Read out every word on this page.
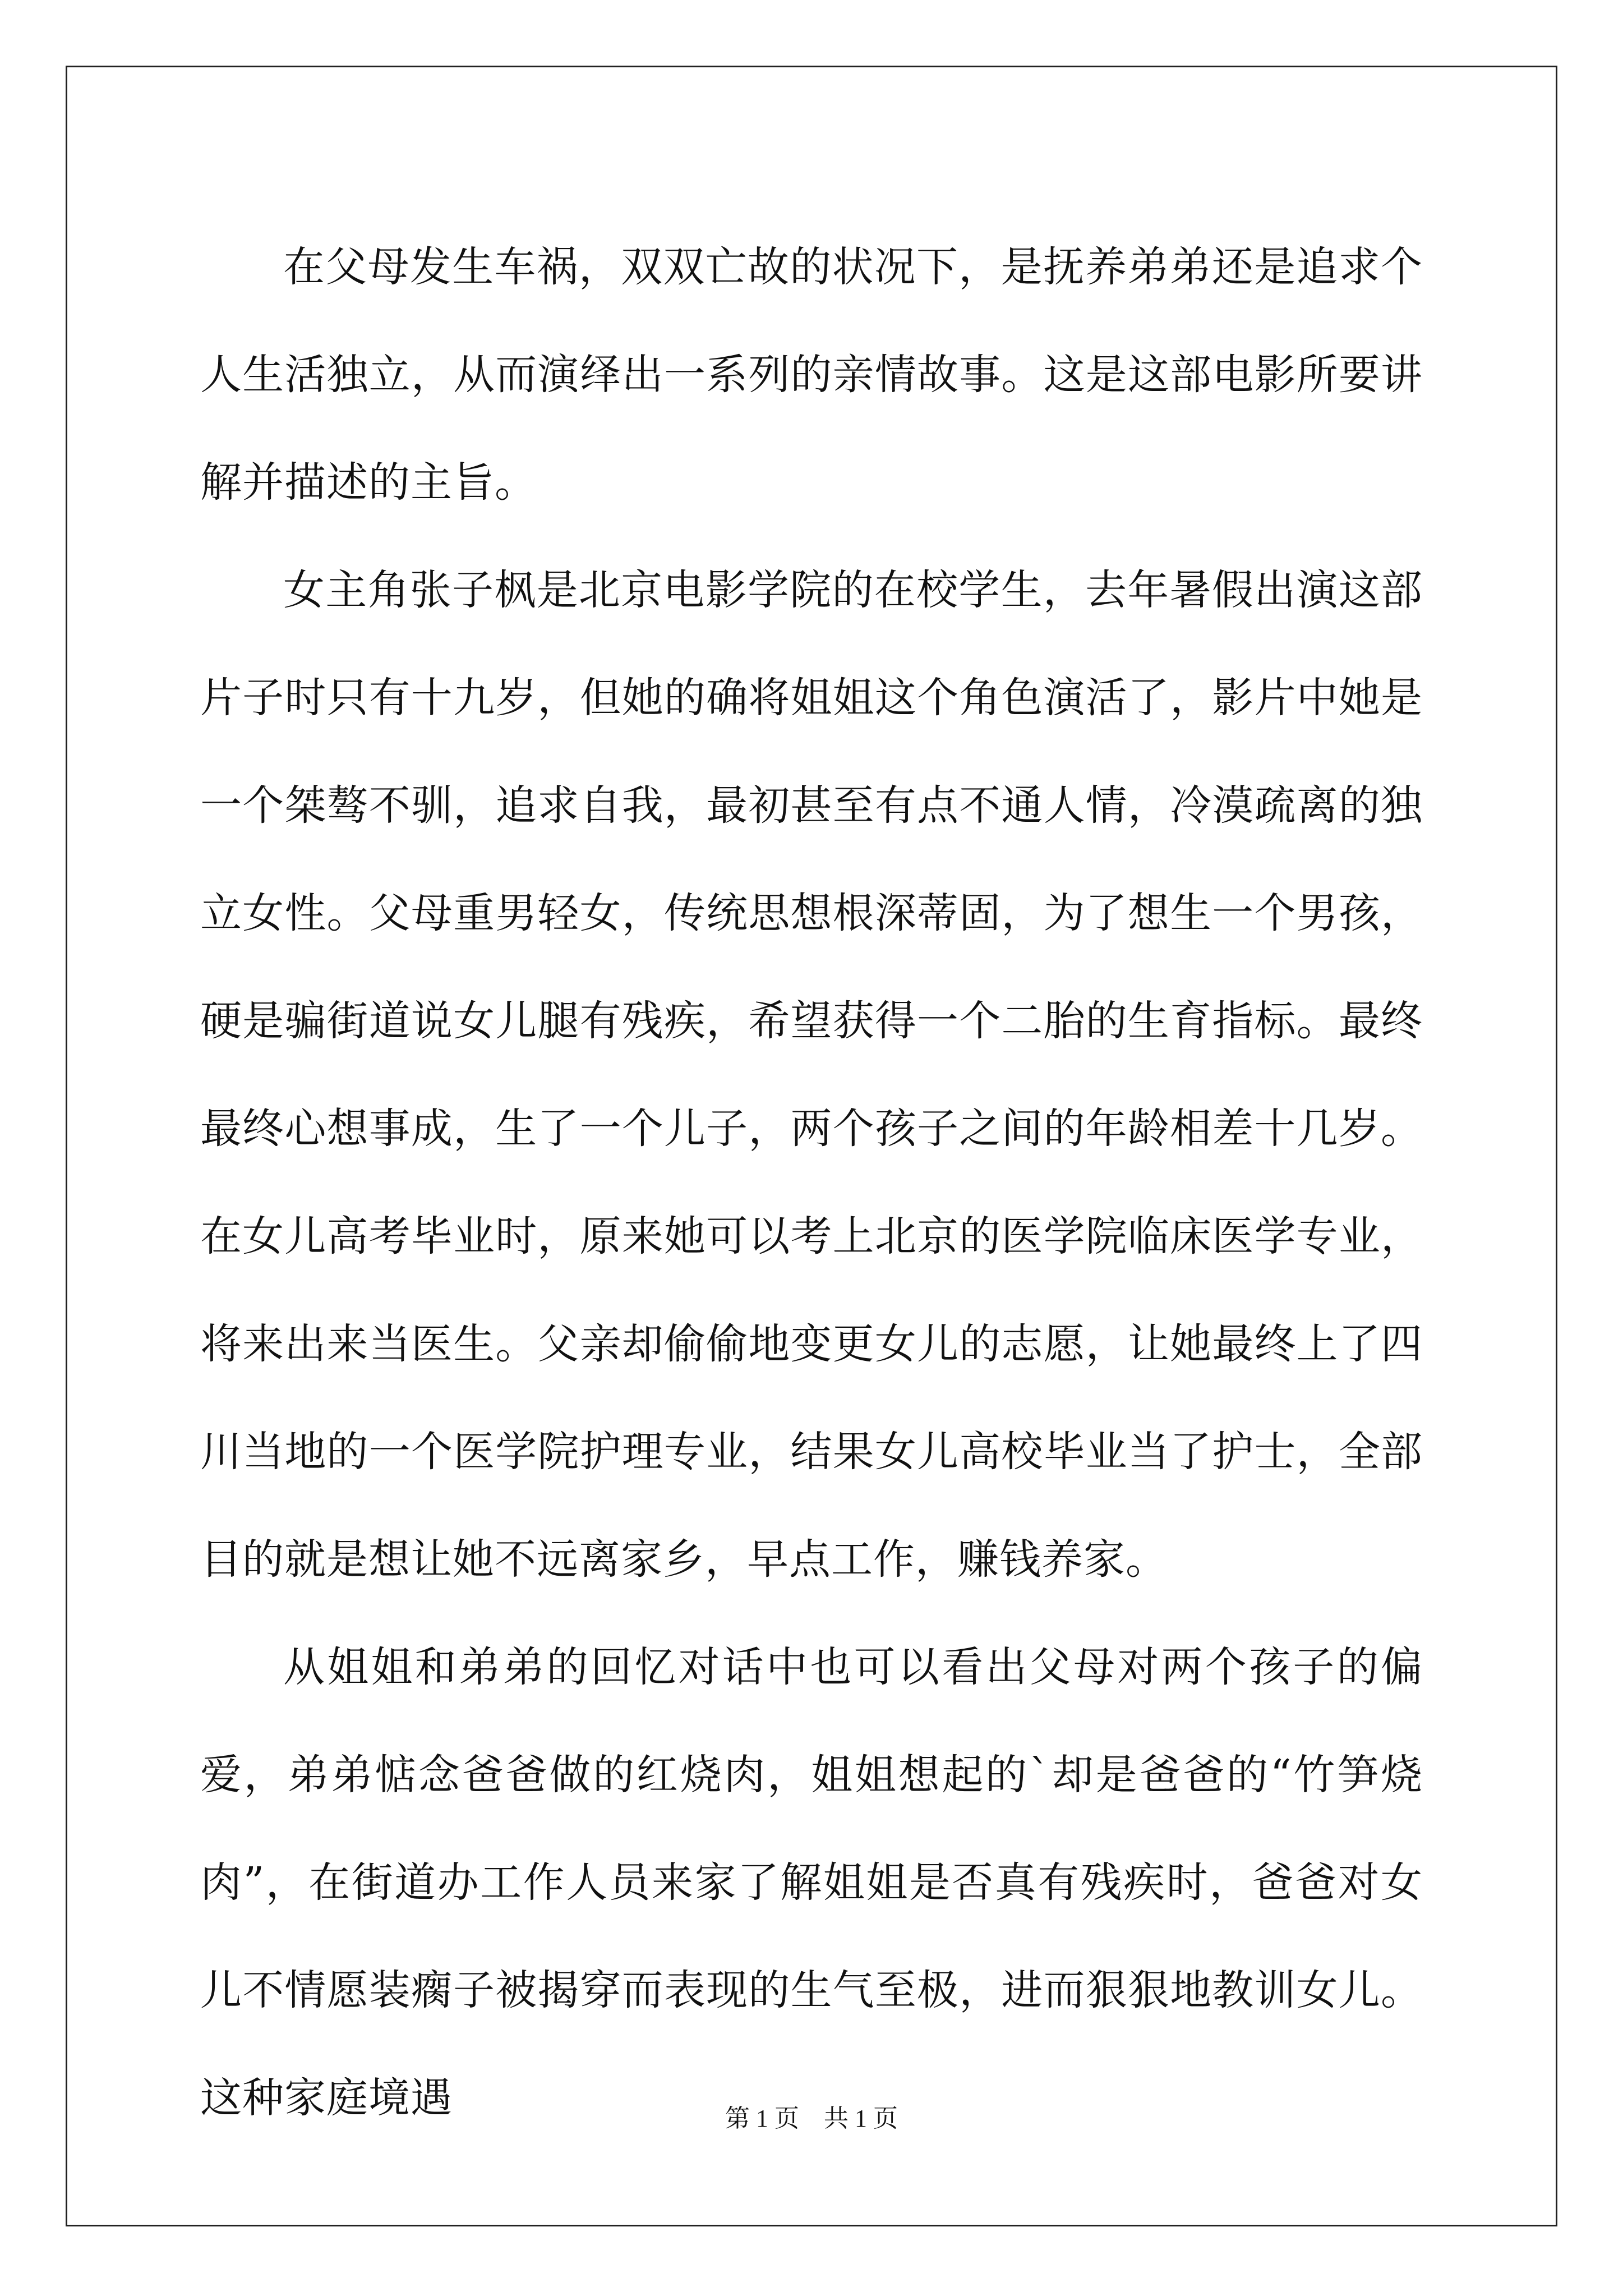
在父母发生车祸，双双亡故的状况下，是抚养弟弟还是追求个人生活独立，从而演绎出一系列的亲情故事。这是这部电影所要讲解并描述的主旨。

女主角张子枫是北京电影学院的在校学生，去年暑假出演这部片子时只有十九岁，但她的确将姐姐这个角色演活了，影片中她是一个桀骜不驯，追求自我，最初甚至有点不通人情，冷漠疏离的独立女性。父母重男轻女，传统思想根深蒂固，为了想生一个男孩，硬是骗街道说女儿腿有残疾，希望获得一个二胎的生育指标。最终最终心想事成，生了一个儿子，两个孩子之间的年龄相差十几岁。在女儿高考毕业时，原来她可以考上北京的医学院临床医学专业，将来出来当医生。父亲却偷偷地变更女儿的志愿，让她最终上了四川当地的一个医学院护理专业，结果女儿高校毕业当了护士，全部目的就是想让她不远离家乡，早点工作，赚钱养家。

从姐姐和弟弟的回忆对话中也可以看出父母对两个孩子的偏爱，弟弟惦念爸爸做的红烧肉，姐姐想起的`却是爸爸的“竹笋烧肉”，在街道办工作人员来家了解姐姐是否真有残疾时，爸爸对女儿不情愿装瘸子被揭穿而表现的生气至极，进而狠狠地教训女儿。这种家庭境遇	第 1 页    共 1 页
